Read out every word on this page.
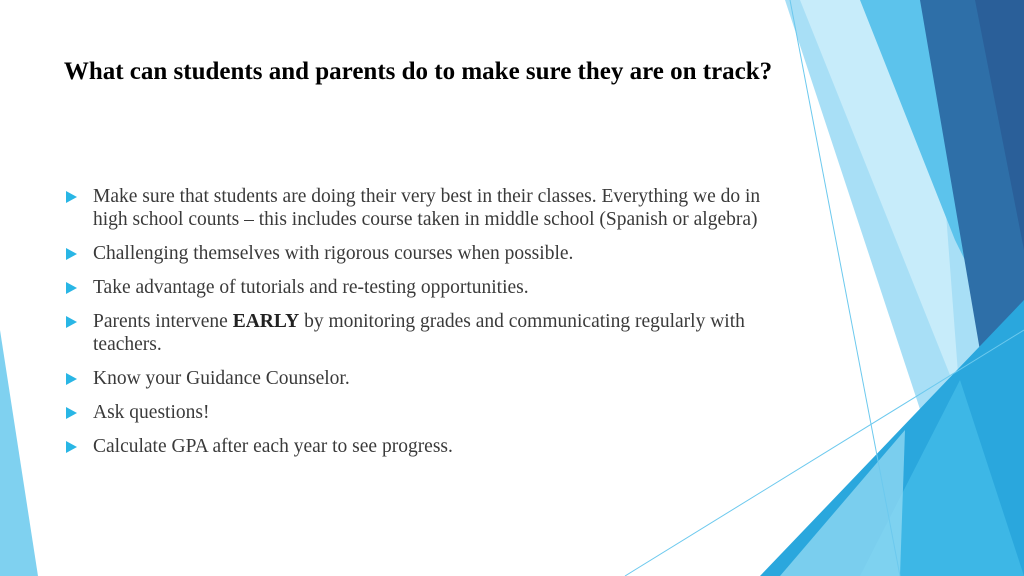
What can students and parents do to make sure they are on track?
Make sure that students are doing their very best in their classes. Everything we do in high school counts – this includes course taken in middle school (Spanish or algebra)
Challenging themselves with rigorous courses when possible.
Take advantage of tutorials and re-testing opportunities.
Parents intervene EARLY by monitoring grades and communicating regularly with teachers.
Know your Guidance Counselor.
Ask questions!
Calculate GPA after each year to see progress.
